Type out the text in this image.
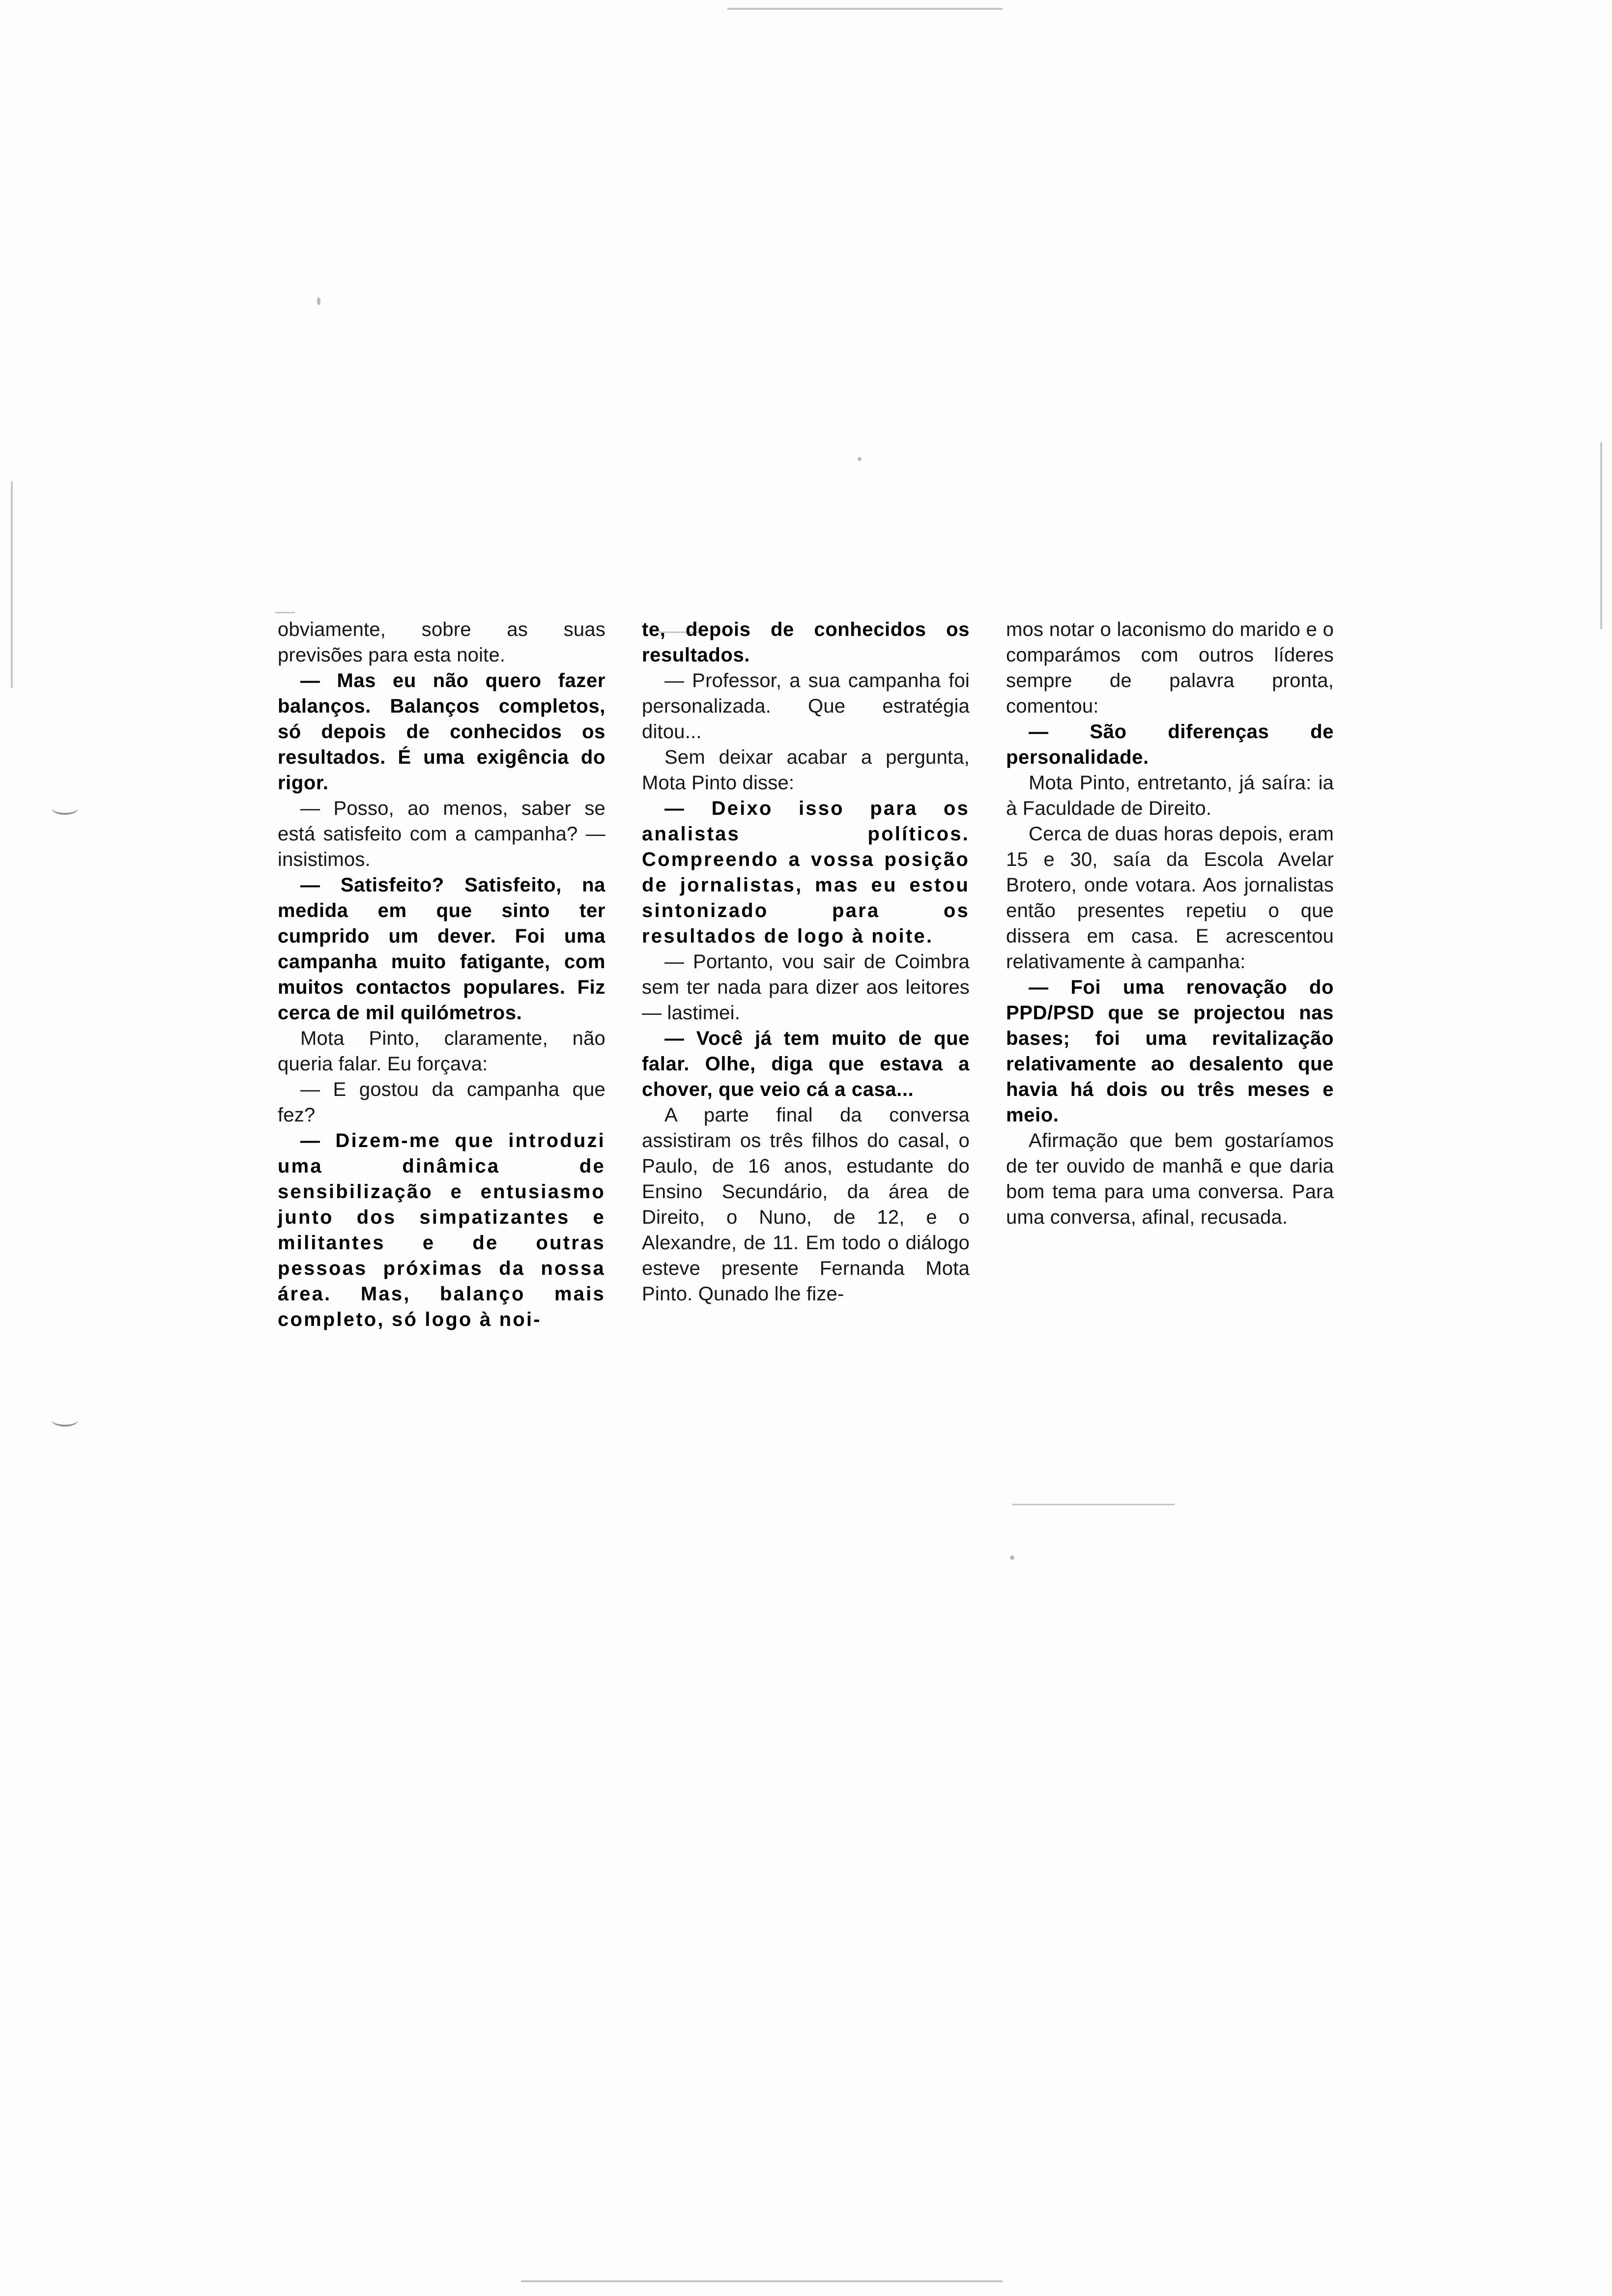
obviamente, sobre as suas previsões para esta noite.

— Mas eu não quero fazer balanços. Balanços completos, só depois de conhecidos os resultados. É uma exigência do rigor.

— Posso, ao menos, saber se está satisfeito com a campanha? — insistimos.

— Satisfeito? Satisfeito, na medida em que sinto ter cumprido um dever. Foi uma campanha muito fatigante, com muitos contactos populares. Fiz cerca de mil quilómetros.

Mota Pinto, claramente, não queria falar. Eu forçava:

— E gostou da campanha que fez?

— Dizem-me que introduzi uma dinâmica de sensibilização e entusiasmo junto dos simpatizantes e militantes e de outras pessoas próximas da nossa área. Mas, balanço mais completo, só logo à noi-

te, depois de conhecidos os resultados.

— Professor, a sua campanha foi personalizada. Que estratégia ditou...

Sem deixar acabar a pergunta, Mota Pinto disse:

— Deixo isso para os analistas políticos. Compreendo a vossa posição de jornalistas, mas eu estou sintonizado para os resultados de logo à noite.

— Portanto, vou sair de Coimbra sem ter nada para dizer aos leitores — lastimei.

— Você já tem muito de que falar. Olhe, diga que estava a chover, que veio cá a casa...

A parte final da conversa assistiram os três filhos do casal, o Paulo, de 16 anos, estudante do Ensino Secundário, da área de Direito, o Nuno, de 12, e o Alexandre, de 11. Em todo o diálogo esteve presente Fernanda Mota Pinto. Qunado lhe fize-

mos notar o laconismo do marido e o comparámos com outros líderes sempre de palavra pronta, comentou:

— São diferenças de personalidade.

Mota Pinto, entretanto, já saíra: ia à Faculdade de Direito.

Cerca de duas horas depois, eram 15 e 30, saía da Escola Avelar Brotero, onde votara. Aos jornalistas então presentes repetiu o que dissera em casa. E acrescentou relativamente à campanha:

— Foi uma renovação do PPD/PSD que se projectou nas bases; foi uma revitalização relativamente ao desalento que havia há dois ou três meses e meio.

Afirmação que bem gostaríamos de ter ouvido de manhã e que daria bom tema para uma conversa. Para uma conversa, afinal, recusada.
